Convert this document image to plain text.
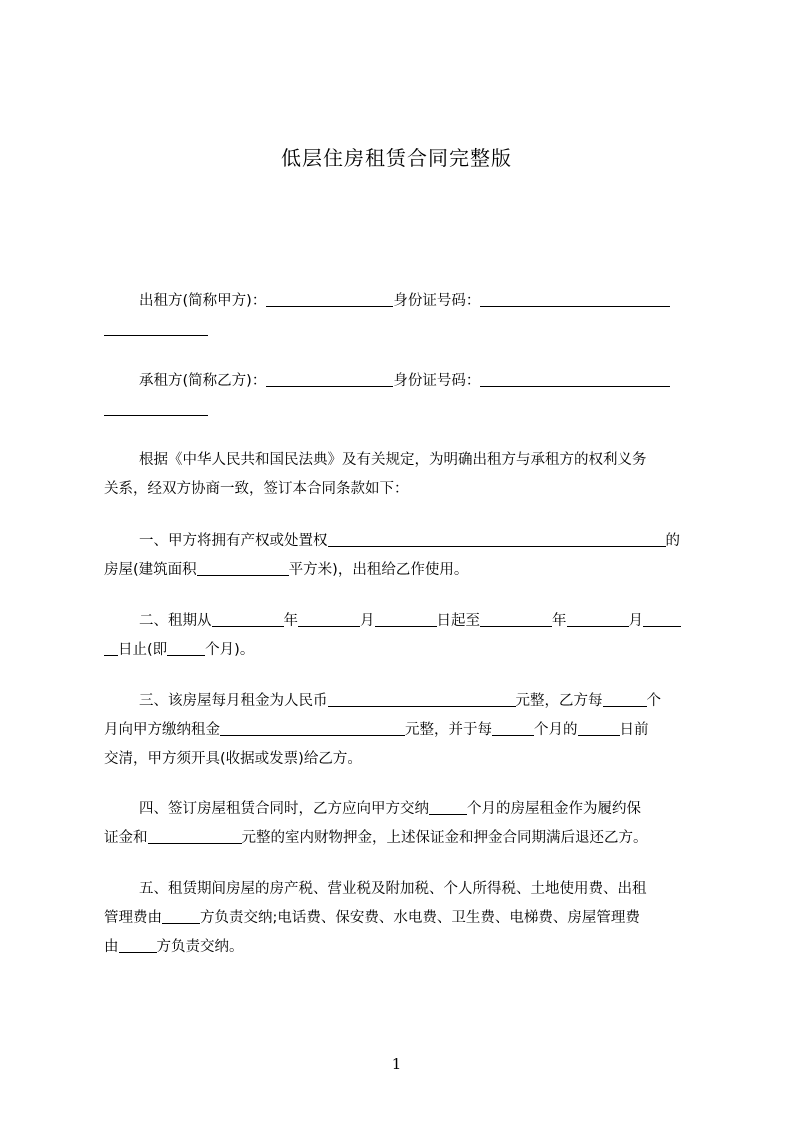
低层住房租赁合同完整版
出租方(简称甲方)：	身份证号码：
承租方(简称乙方)：	身份证号码：
根据《中华人民共和国民法典》及有关规定，为明确出租方与承租方的权利义务
关系，经双方协商一致，签订本合同条款如下：
一、甲方将拥有产权或处置权	的
房屋(建筑面积	平方米)，出租给乙作使用。
二、租期从	年	月	日起至	年	月
日止(即	个月)。
三、该房屋每月租金为人民币	元整，乙方每	个
月向甲方缴纳租金	元整，并于每	个月的	日前
交清，甲方须开具(收据或发票)给乙方。
四、签订房屋租赁合同时，乙方应向甲方交纳	个月的房屋租金作为履约保
证金和	元整的室内财物押金，上述保证金和押金合同期满后退还乙方。
五、租赁期间房屋的房产税、营业税及附加税、个人所得税、土地使用费、出租
管理费由	方负责交纳;电话费、保安费、水电费、卫生费、电梯费、房屋管理费
由	方负责交纳。
1
